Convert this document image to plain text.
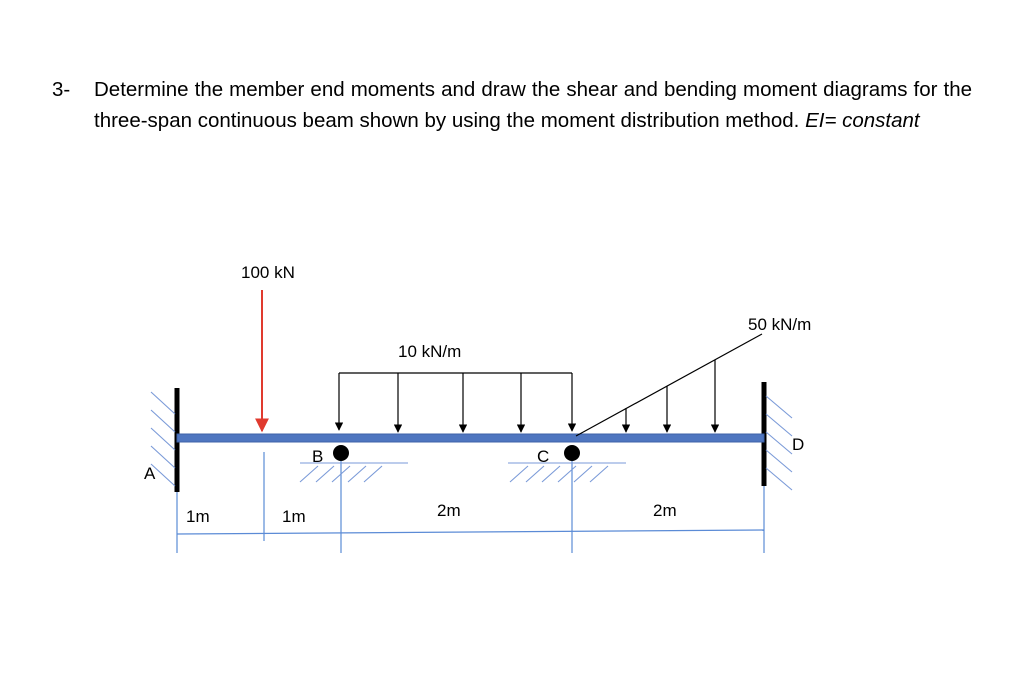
3- Determine the member end moments and draw the shear and bending moment diagrams for the three-span continuous beam shown by using the moment distribution method. EI= constant
100 kN
10 kN/m
50 kN/m
A
B	C
D
1m	1m	2m	2m
